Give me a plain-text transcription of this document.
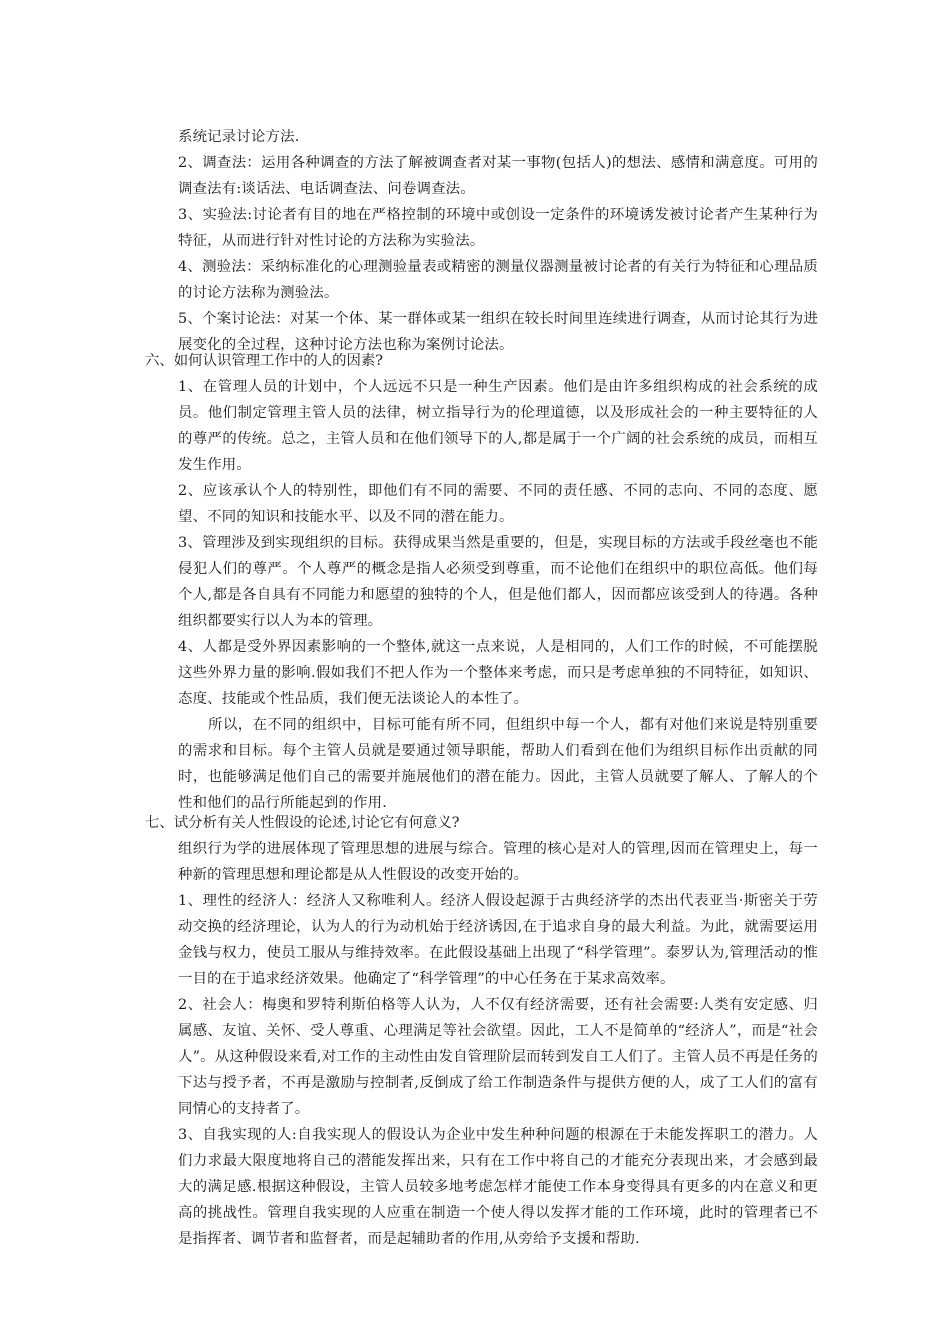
系统记录讨论方法.
2、调查法：运用各种调查的方法了解被调查者对某一事物(包括人)的想法、感情和满意度。可用的调查法有:谈话法、电话调查法、问卷调查法。
3、实验法:讨论者有目的地在严格控制的环境中或创设一定条件的环境诱发被讨论者产生某种行为特征，从而进行针对性讨论的方法称为实验法。
4、测验法：采纳标准化的心理测验量表或精密的测量仪器测量被讨论者的有关行为特征和心理品质的讨论方法称为测验法。
5、个案讨论法：对某一个体、某一群体或某一组织在较长时间里连续进行调查，从而讨论其行为进展变化的全过程，这种讨论方法也称为案例讨论法。
六、如何认识管理工作中的人的因素?
1、在管理人员的计划中，个人远远不只是一种生产因素。他们是由许多组织构成的社会系统的成员。他们制定管理主管人员的法律，树立指导行为的伦理道德，以及形成社会的一种主要特征的人的尊严的传统。总之，主管人员和在他们领导下的人,都是属于一个广阔的社会系统的成员，而相互发生作用。
2、应该承认个人的特别性，即他们有不同的需要、不同的责任感、不同的志向、不同的态度、愿望、不同的知识和技能水平、以及不同的潜在能力。
3、管理涉及到实现组织的目标。获得成果当然是重要的，但是，实现目标的方法或手段丝毫也不能侵犯人们的尊严。个人尊严的概念是指人必须受到尊重，而不论他们在组织中的职位高低。他们每个人,都是各自具有不同能力和愿望的独特的个人，但是他们都人，因而都应该受到人的待遇。各种组织都要实行以人为本的管理。
4、人都是受外界因素影响的一个整体,就这一点来说，人是相同的，人们工作的时候，不可能摆脱这些外界力量的影响.假如我们不把人作为一个整体来考虑，而只是考虑单独的不同特征，如知识、态度、技能或个性品质，我们便无法谈论人的本性了。
所以，在不同的组织中，目标可能有所不同，但组织中每一个人，都有对他们来说是特别重要的需求和目标。每个主管人员就是要通过领导职能，帮助人们看到在他们为组织目标作出贡献的同时，也能够满足他们自己的需要并施展他们的潜在能力。因此，主管人员就要了解人、了解人的个性和他们的品行所能起到的作用.
七、试分析有关人性假设的论述,讨论它有何意义?
组织行为学的进展体现了管理思想的进展与综合。管理的核心是对人的管理,因而在管理史上，每一种新的管理思想和理论都是从人性假设的改变开始的。
1、理性的经济人：经济人又称唯利人。经济人假设起源于古典经济学的杰出代表亚当·斯密关于劳动交换的经济理论，认为人的行为动机始于经济诱因,在于追求自身的最大利益。为此，就需要运用金钱与权力，使员工服从与维持效率。在此假设基础上出现了“科学管理”。泰罗认为,管理活动的惟一目的在于追求经济效果。他确定了“科学管理”的中心任务在于某求高效率。
2、社会人：梅奥和罗特利斯伯格等人认为，人不仅有经济需要，还有社会需要:人类有安定感、归属感、友谊、关怀、受人尊重、心理满足等社会欲望。因此，工人不是简单的“经济人”，而是“社会人”。从这种假设来看,对工作的主动性由发自管理阶层而转到发自工人们了。主管人员不再是任务的下达与授予者，不再是激励与控制者,反倒成了给工作制造条件与提供方便的人，成了工人们的富有同情心的支持者了。
3、自我实现的人:自我实现人的假设认为企业中发生种种问题的根源在于未能发挥职工的潜力。人们力求最大限度地将自己的潜能发挥出来，只有在工作中将自己的才能充分表现出来，才会感到最大的满足感.根据这种假设，主管人员较多地考虑怎样才能使工作本身变得具有更多的内在意义和更高的挑战性。管理自我实现的人应重在制造一个使人得以发挥才能的工作环境，此时的管理者已不是指挥者、调节者和监督者，而是起辅助者的作用,从旁给予支援和帮助.
